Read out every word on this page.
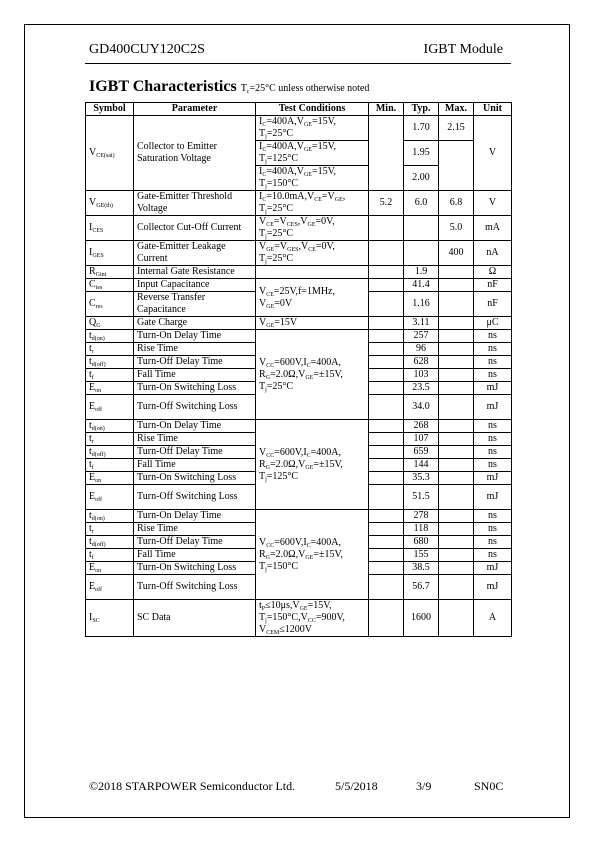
GD400CUY120C2S	IGBT Module
IGBT Characteristics $T_c=25^\circ C$ unless otherwise noted
Symbol	Parameter	Test Conditions	Min.	Typ.	Max.	Unit
$V_{CE(sat)}$	Collector to Emitter Saturation Voltage	$I_C=400A,V_{GE}=15V$,
$T_j=25^\circ C$		1.70	2.15	V
		$I_C=400A,V_{GE}=15V$,
$T_j=125^\circ C$		1.95		
		$I_C=400A,V_{GE}=15V$,
$T_j=150^\circ C$		2.00		
$V_{GE(th)}$	Gate-Emitter Threshold Voltage	$I_C=10.0mA,V_{CE}=V_{GE}$,
$T_j=25^\circ C$	5.2	6.0	6.8	V
$I_{CES}$	Collector Cut-Off Current	$V_{CE}=V_{CES},V_{GE}=0V$,
$T_j=25^\circ C$			5.0	mA
$I_{GES}$	Gate-Emitter Leakage Current	$V_{GE}=V_{GES},V_{CE}=0V$,
$T_j=25^\circ C$			400	nA
$R_{Gint}$	Internal Gate Resistance			1.9		Ω
$C_{ies}$	Input Capacitance	$V_{CE}=25V,f=1MHz$,
$V_{GE}=0V$		41.4		nF
$C_{res}$	Reverse Transfer Capacitance			1.16		nF
$Q_G$	Gate Charge	$V_{GE}=15V$		3.11		μC
$t_{d(on)}$	Turn-On Delay Time	$V_{CC}=600V,I_C=400A$,
$R_G=2.0\Omega,V_{GE}=\pm 15V$,
$T_j=25^\circ C$		257		ns
$t_r$	Rise Time			96		ns
$t_{d(off)}$	Turn-Off Delay Time			628		ns
$t_f$	Fall Time			103		ns
$E_{on}$	Turn-On Switching Loss			23.5		mJ
$E_{off}$	Turn-Off Switching Loss			34.0		mJ
$t_{d(on)}$	Turn-On Delay Time	$V_{CC}=600V,I_C=400A$,
$R_G=2.0\Omega,V_{GE}=\pm 15V$,
$T_j=125^\circ C$		268		ns
$t_r$	Rise Time			107		ns
$t_{d(off)}$	Turn-Off Delay Time			659		ns
$t_f$	Fall Time			144		ns
$E_{on}$	Turn-On Switching Loss			35.3		mJ
$E_{off}$	Turn-Off Switching Loss			51.5		mJ
$t_{d(on)}$	Turn-On Delay Time	$V_{CC}=600V,I_C=400A$,
$R_G=2.0\Omega,V_{GE}=\pm 15V$,
$T_j=150^\circ C$		278		ns
$t_r$	Rise Time			118		ns
$t_{d(off)}$	Turn-Off Delay Time			680		ns
$t_f$	Fall Time			155		ns
$E_{on}$	Turn-On Switching Loss			38.5		mJ
$E_{off}$	Turn-Off Switching Loss			56.7		mJ
$I_{SC}$	SC Data	$t_P\le 10\mu s,V_{GE}=15V$,
$T_j=150^\circ C,V_{CC}=900V$,
$V_{CEM}\le 1200V$		1600		A
©2018 STARPOWER Semiconductor Ltd.	5/5/2018	3/9	SN0C
